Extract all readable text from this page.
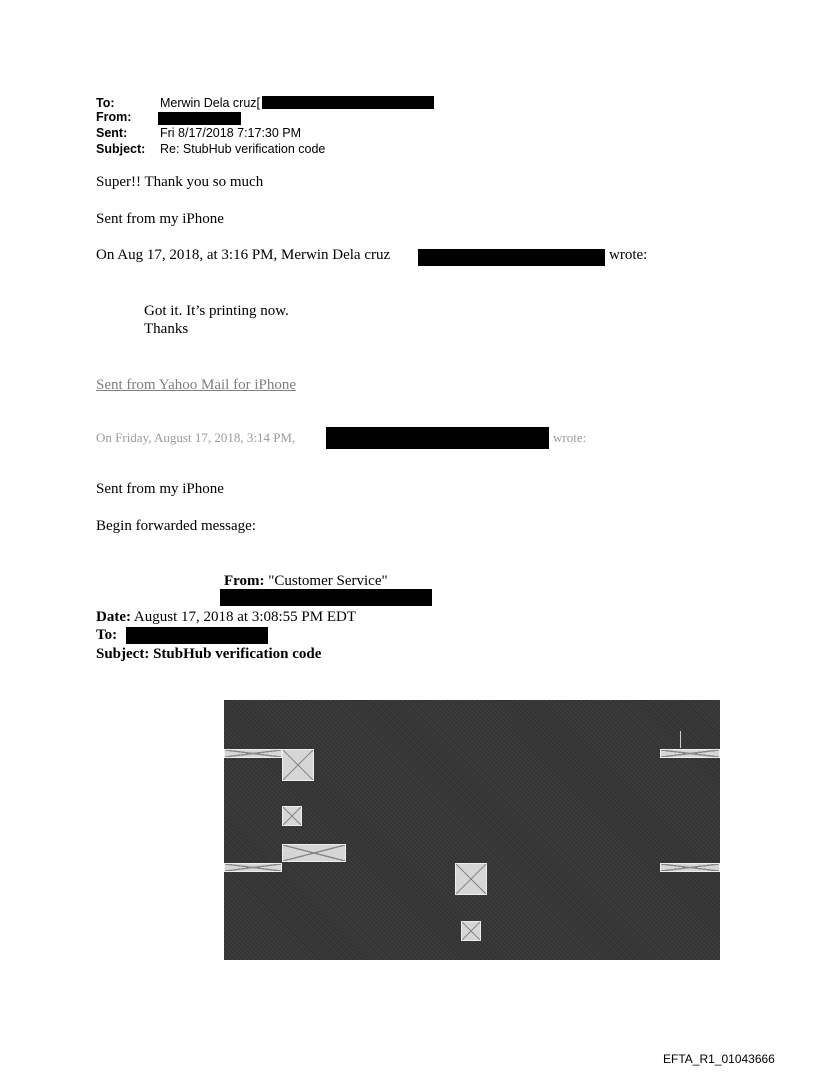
To:	Merwin Dela cruz[
From:
Sent:	Fri 8/17/2018 7:17:30 PM
Subject: Re: StubHub verification code
Super!! Thank you so much
Sent from my iPhone
On Aug 17, 2018, at 3:16 PM, Merwin Dela cruz	wrote:
Got it. It’s printing now.
Thanks
Sent from Yahoo Mail for iPhone
On Friday, August 17, 2018, 3:14 PM,	wrote:
Sent from my iPhone
Begin forwarded message:
From: "Customer Service"
Date: August 17, 2018 at 3:08:55 PM EDT
To:
Subject: StubHub verification code
EFTA_R1_01043666
